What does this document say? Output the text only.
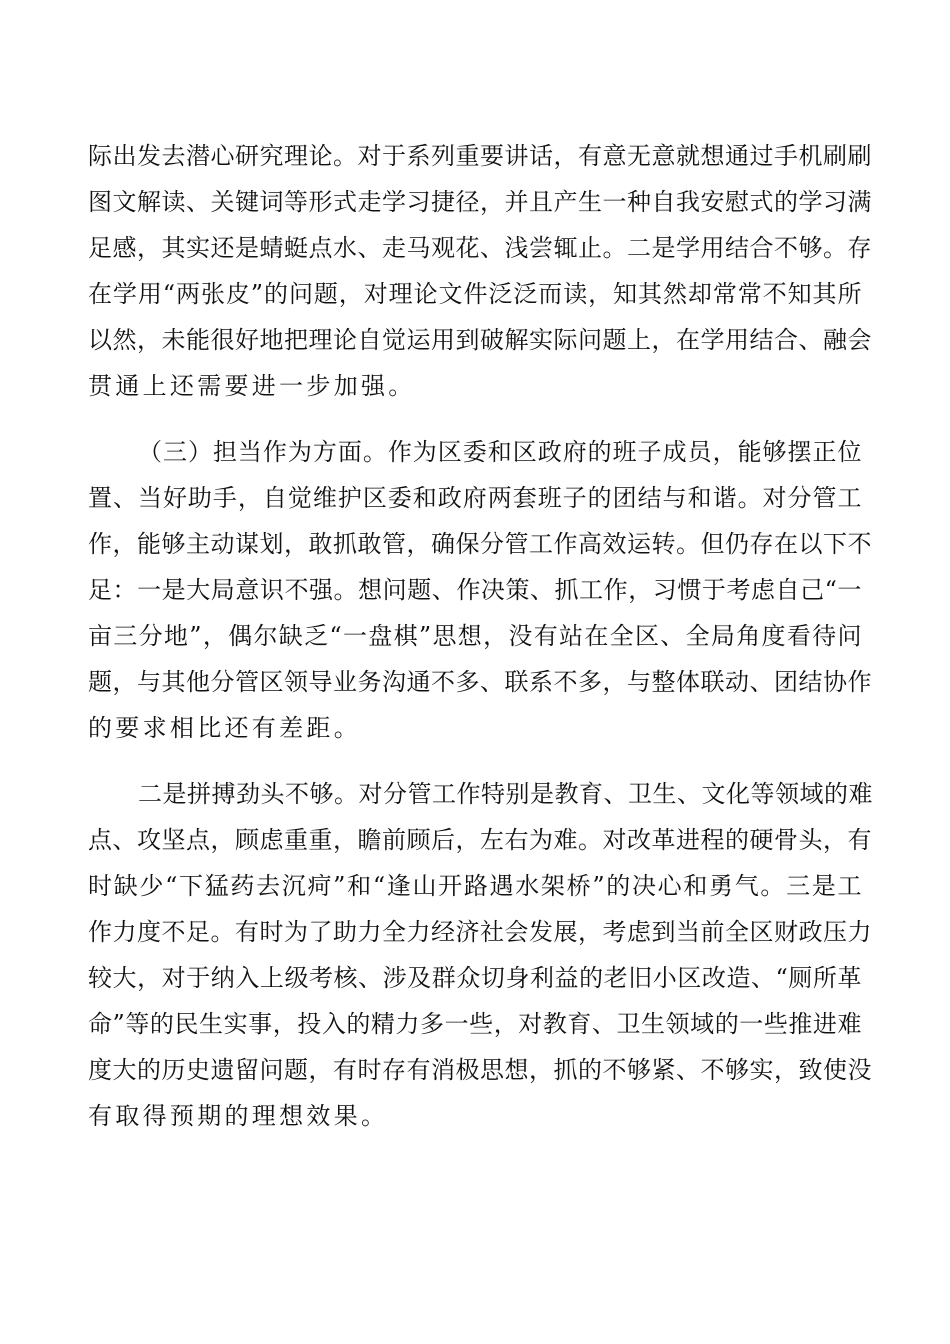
际出发去潜心研究理论。对于系列重要讲话，有意无意就想通过手机刷刷
图文解读、关键词等形式走学习捷径，并且产生一种自我安慰式的学习满
足感，其实还是蜻蜓点水、走马观花、浅尝辄止。二是学用结合不够。存
在学用“两张皮”的问题，对理论文件泛泛而读，知其然却常常不知其所
以然，未能很好地把理论自觉运用到破解实际问题上，在学用结合、融会
贯通上还需要进一步加强。
（三）担当作为方面。作为区委和区政府的班子成员，能够摆正位
置、当好助手，自觉维护区委和政府两套班子的团结与和谐。对分管工
作，能够主动谋划，敢抓敢管，确保分管工作高效运转。但仍存在以下不
足：一是大局意识不强。想问题、作决策、抓工作，习惯于考虑自己“一
亩三分地”，偶尔缺乏“一盘棋”思想，没有站在全区、全局角度看待问
题，与其他分管区领导业务沟通不多、联系不多，与整体联动、团结协作
的要求相比还有差距。
二是拼搏劲头不够。对分管工作特别是教育、卫生、文化等领域的难
点、攻坚点，顾虑重重，瞻前顾后，左右为难。对改革进程的硬骨头，有
时缺少“下猛药去沉疴”和“逢山开路遇水架桥”的决心和勇气。三是工
作力度不足。有时为了助力全力经济社会发展，考虑到当前全区财政压力
较大，对于纳入上级考核、涉及群众切身利益的老旧小区改造、“厕所革
命”等的民生实事，投入的精力多一些，对教育、卫生领域的一些推进难
度大的历史遗留问题，有时存有消极思想，抓的不够紧、不够实，致使没
有取得预期的理想效果。
